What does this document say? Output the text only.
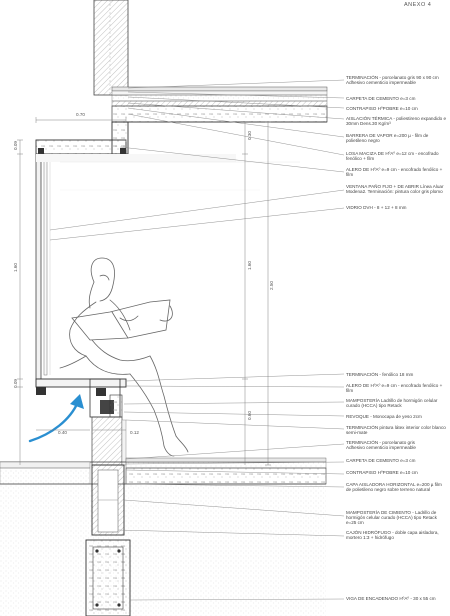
0.70
0.09
0.30
1.60	1.60
2.50
0.09
0.40	0.12
0.60
ANEXO 4
TERMINACIÓN - porcelanato gris 90 x 90 cm
Adhesivo cementicio impermeable
CARPETA DE CEMENTO e=3 cm
CONTRAPISO HºPOBRE e=10 cm
AISLACIÓN TÉRMICA - poliestireno expandido e 30mm Dens.30 Kg/m³
BARRERA DE VAPOR e=200 µ - film de polietileno negro
LOSA MACIZA DE HºAº e=12 cm - encofrado fenólico + film
ALERO DE HºAº e=9 cm - encofrado fenólico + film
VENTANA PAÑO FIJO + DE ABRIR Línea Aluar Modena2. Terminación: pintura color gris plomo
VIDRIO DVH - 8 + 12 + 8 mm
TERMINACIÓN - fenólico 18 mm
ALERO DE HºAº e=9 cm - encofrado fenólico + film
MAMPOSTERÍA Ladrillo de hormigón celular curado (HCCA) tipo Retack
REVOQUE - Monocapa de yeso 2cm
TERMINACIÓN pintura látex interior color blanco semi-mate
TERMINACIÓN - porcelanato gris
Adhesivo cementicio impermeable
CARPETA DE CEMENTO e=3 cm
CONTRAPISO HºPOBRE e=10 cm
CAPA AISLADORA HORIZONTAL e=200 µ film de polietileno negro sobre terreno natural
MAMPOSTERÍA DE CIMIENTO - Ladrillo de hormigón celular curado (HCCA) tipo Retack e=25 cm
CAJÓN HIDRÓFUGO - doble capa aisladora, mortero 1:3 + hidrófugo
VIGA DE ENCADENADO HºAº - 30 x 55 cm
